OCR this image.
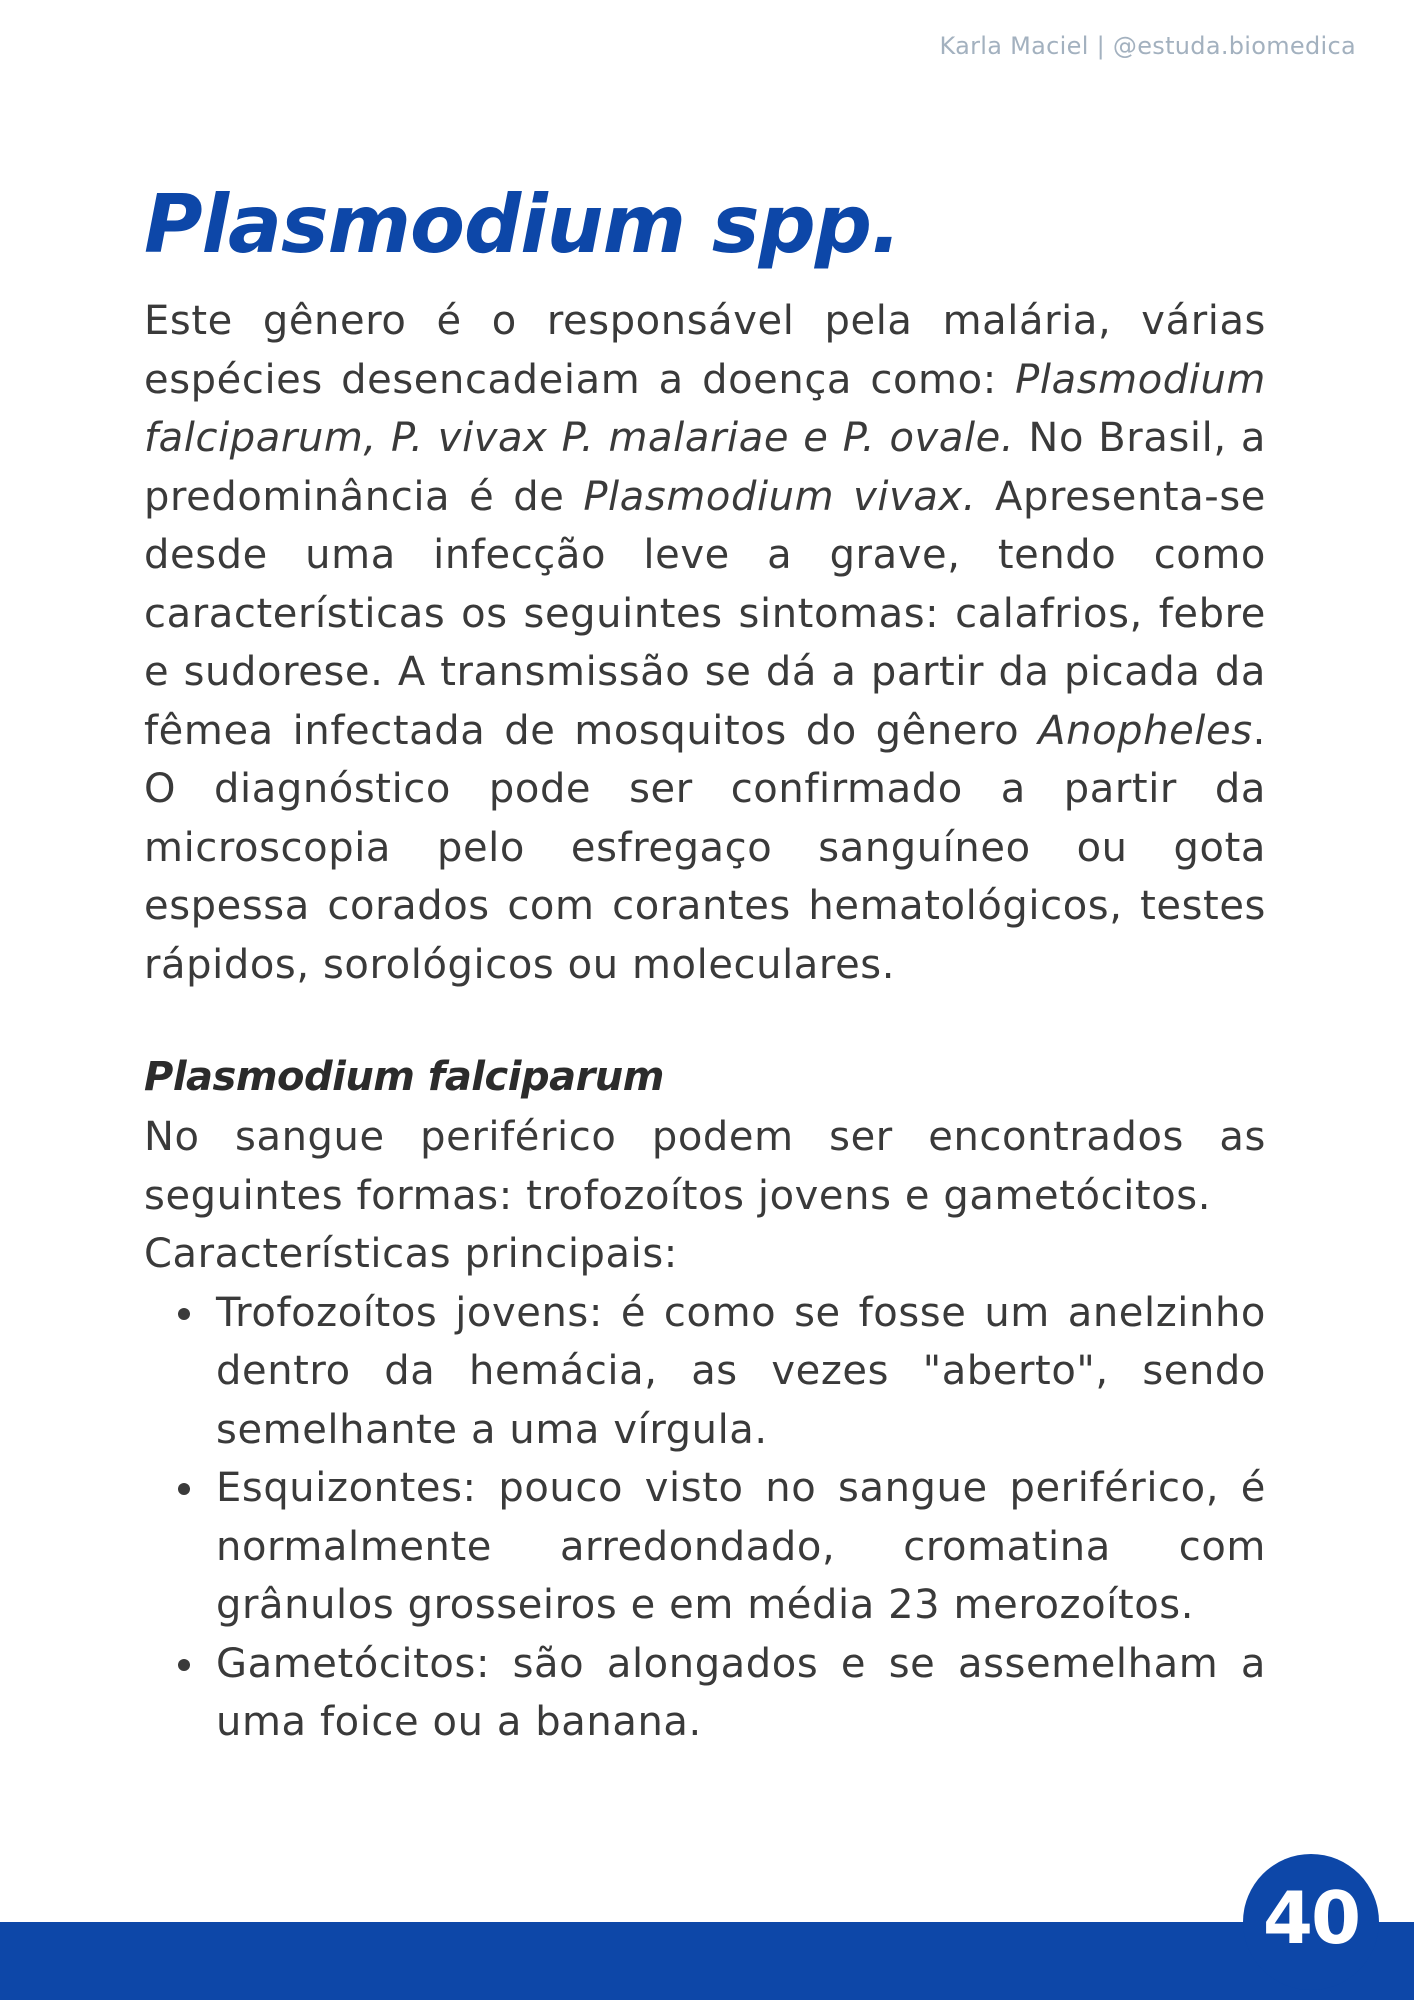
Karla Maciel | @estuda.biomedica
Plasmodium spp.

Este gênero é o responsável pela malária, várias espécies desencadeiam a doença como: Plasmodium falciparum, P. vivax P. malariae e P. ovale. No Brasil, a predominância é de Plasmodium vivax. Apresenta-se desde uma infecção leve a grave, tendo como características os seguintes sintomas: calafrios, febre e sudorese. A transmissão se dá a partir da picada da fêmea infectada de mosquitos do gênero Anopheles. O diagnóstico pode ser confirmado a partir da microscopia pelo esfregaço sanguíneo ou gota espessa corados com corantes hematológicos, testes rápidos, sorológicos ou moleculares.

Plasmodium falciparum

No sangue periférico podem ser encontrados as seguintes formas: trofozoítos jovens e gametócitos.
Características principais:

Trofozoítos jovens: é como se fosse um anelzinho dentro da hemácia, as vezes "aberto", sendo semelhante a uma vírgula.
Esquizontes: pouco visto no sangue periférico, é normalmente arredondado, cromatina com grânulos grosseiros e em média 23 merozoítos.
Gametócitos: são alongados e se assemelham a uma foice ou a banana.
40
